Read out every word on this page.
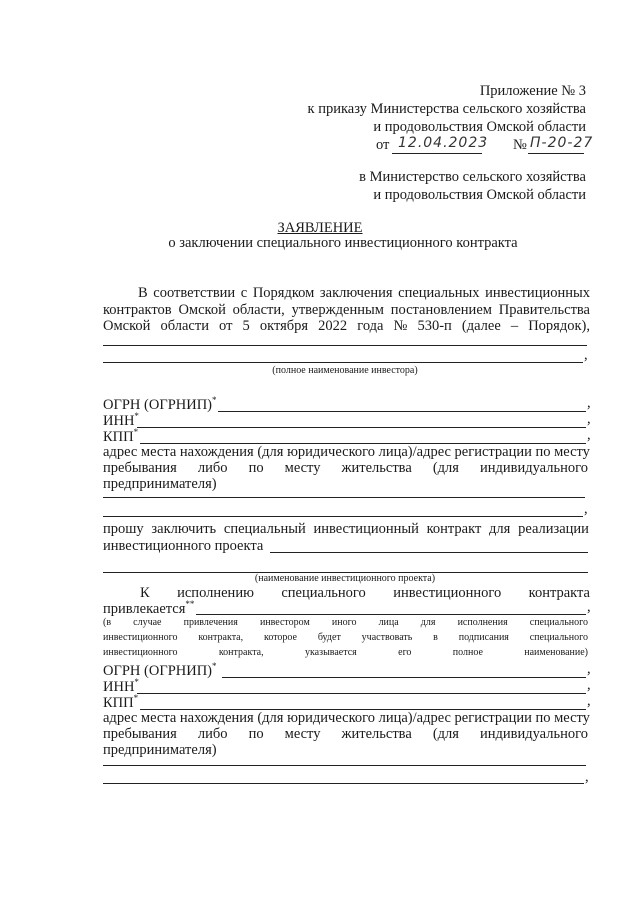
Приложение № 3
к приказу Министерства сельского хозяйства
и продовольствия Омской области
от 12.04.2023 № П-20-27
в Министерство сельского хозяйства
и продовольствия Омской области
ЗАЯВЛЕНИЕ
о заключении специального инвестиционного контракта
В соответствии с Порядком заключения специальных инвестиционных
контрактов Омской области, утвержденным постановлением Правительства
Омской области от 5 октября 2022 года № 530-п (далее – Порядок),
,
(полное наименование инвестора)
ОГРН (ОГРНИП)*	,
ИНН*	,
КПП*	,
адрес места нахождения (для юридического лица)/адрес регистрации по месту
пребывания либо по месту жительства (для индивидуального
предпринимателя)
,
прошу заключить специальный инвестиционный контракт для реализации
инвестиционного проекта
(наименование инвестиционного проекта)
К исполнению специального инвестиционного контракта
привлекается**	,
(в случае привлечения инвестором иного лица для исполнения специального
инвестиционного контракта, которое будет участвовать в подписания специального
инвестиционного	контракта,	указывается	его	полное	наименование)
ОГРН (ОГРНИП)*	,
ИНН*	,
КПП*	,
адрес места нахождения (для юридического лица)/адрес регистрации по месту
пребывания либо по месту жительства (для индивидуального
предпринимателя)
,
